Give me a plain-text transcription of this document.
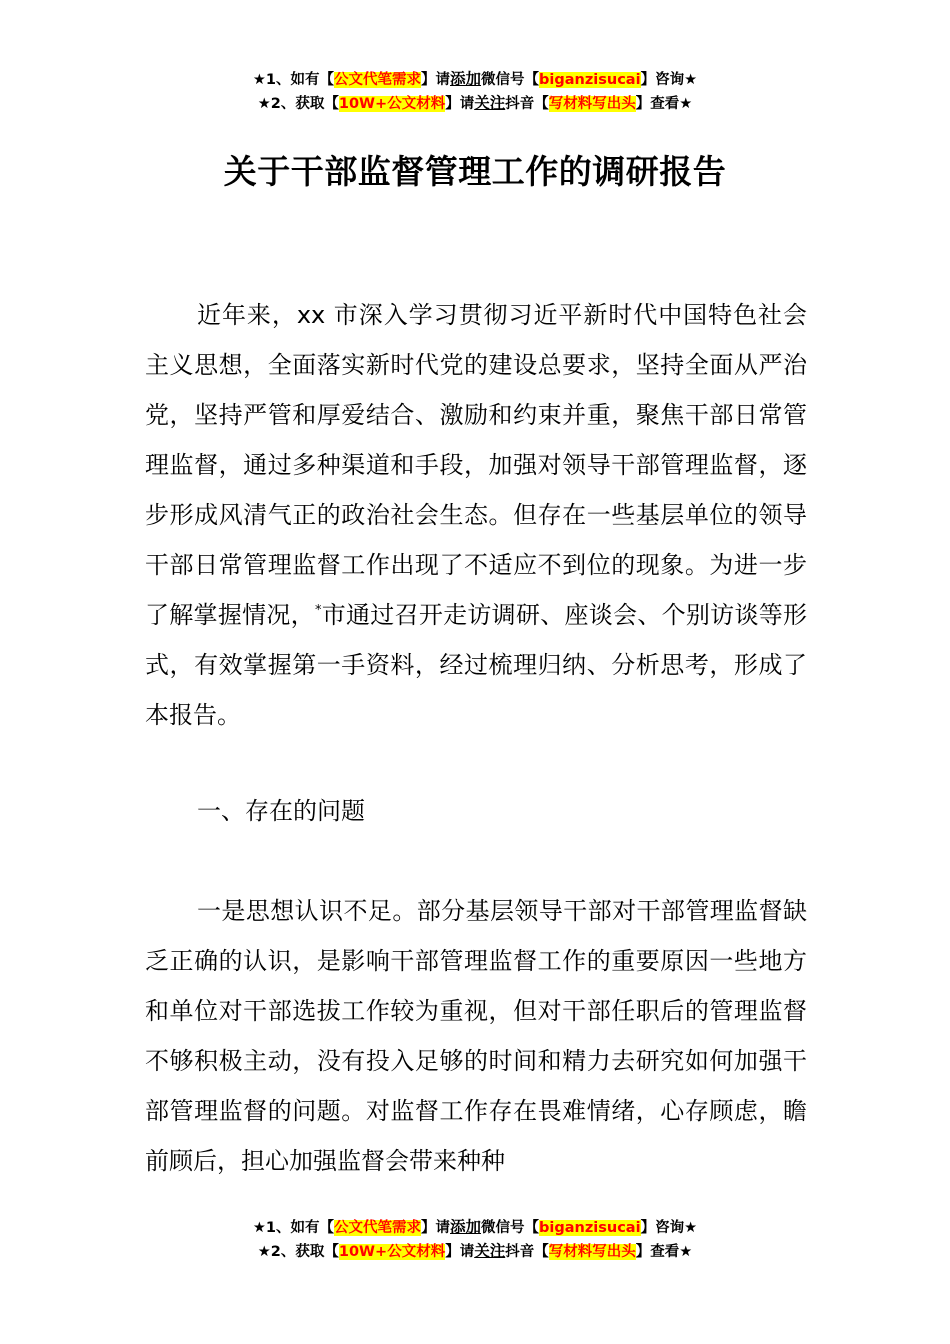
★1、如有【公文代笔需求】请添加微信号【biganzisucai】咨询★
★2、获取【10W+公文材料】请关注抖音【写材料写出头】查看★
关于干部监督管理工作的调研报告

近年来，xx 市深入学习贯彻习近平新时代中国特色社会主义思想，全面落实新时代党的建设总要求，坚持全面从严治党，坚持严管和厚爱结合、激励和约束并重，聚焦干部日常管理监督，通过多种渠道和手段，加强对领导干部管理监督，逐步形成风清气正的政治社会生态。但存在一些基层单位的领导干部日常管理监督工作出现了不适应不到位的现象。为进一步了解掌握情况，*市通过召开走访调研、座谈会、个别访谈等形式，有效掌握第一手资料，经过梳理归纳、分析思考，形成了本报告。

一、存在的问题

一是思想认识不足。部分基层领导干部对干部管理监督缺乏正确的认识，是影响干部管理监督工作的重要原因一些地方和单位对干部选拔工作较为重视，但对干部任职后的管理监督不够积极主动，没有投入足够的时间和精力去研究如何加强干部管理监督的问题。对监督工作存在畏难情绪，心存顾虑，瞻前顾后，担心加强监督会带来种种

★1、如有【公文代笔需求】请添加微信号【biganzisucai】咨询★
★2、获取【10W+公文材料】请关注抖音【写材料写出头】查看★
